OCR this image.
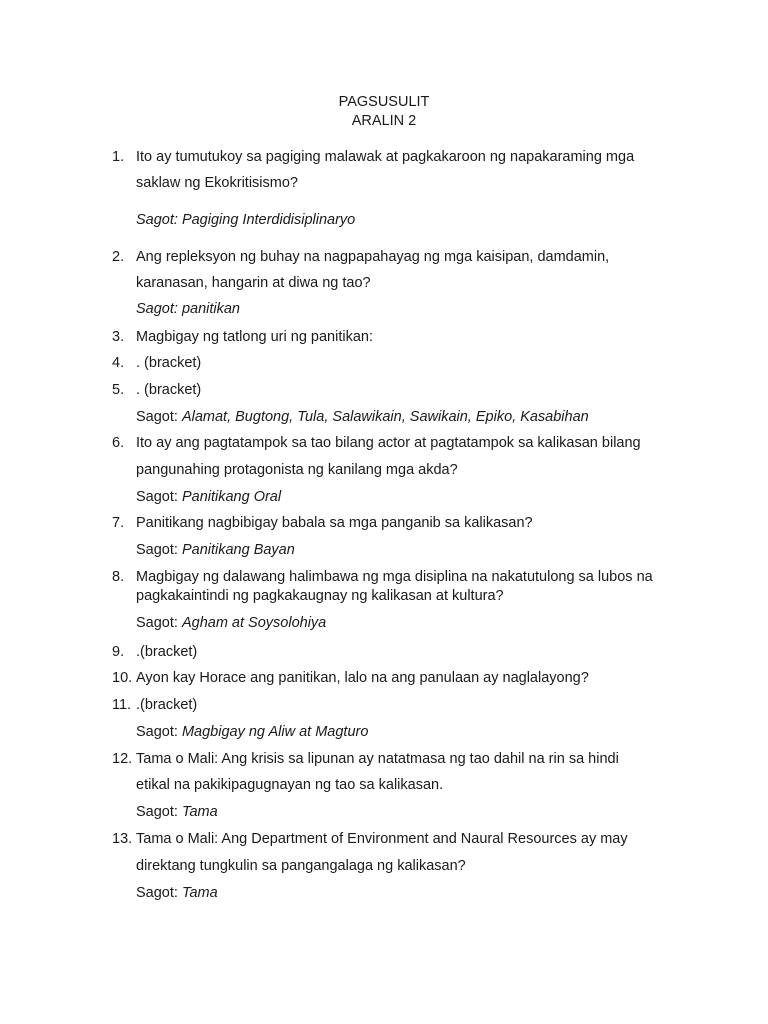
PAGSUSULIT
ARALIN 2
1. Ito ay tumutukoy sa pagiging malawak at pagkakaroon ng napakaraming mga
saklaw ng Ekokritisismo?
Sagot: Pagiging Interdidisiplinaryo
2. Ang repleksyon ng buhay na nagpapahayag ng mga kaisipan, damdamin,
karanasan, hangarin at diwa ng tao?
Sagot: panitikan
3. Magbigay ng tatlong uri ng panitikan:
4. . (bracket)
5. . (bracket)
Sagot: Alamat, Bugtong, Tula, Salawikain, Sawikain, Epiko, Kasabihan
6. Ito ay ang pagtatampok sa tao bilang actor at pagtatampok sa kalikasan bilang
pangunahing protagonista ng kanilang mga akda?
Sagot: Panitikang Oral
7. Panitikang nagbibigay babala sa mga panganib sa kalikasan?
Sagot: Panitikang Bayan
8. Magbigay ng dalawang halimbawa ng mga disiplina na nakatutulong sa lubos na
pagkakaintindi ng pagkakaugnay ng kalikasan at kultura?
Sagot: Agham at Soysolohiya
9. .(bracket)
10. Ayon kay Horace ang panitikan, lalo na ang panulaan ay naglalayong?
11. .(bracket)
Sagot: Magbigay ng Aliw at Magturo
12. Tama o Mali: Ang krisis sa lipunan ay natatmasa ng tao dahil na rin sa hindi
etikal na pakikipagugnayan ng tao sa kalikasan.
Sagot: Tama
13. Tama o Mali: Ang Department of Environment and Naural Resources ay may
direktang tungkulin sa pangangalaga ng kalikasan?
Sagot: Tama
